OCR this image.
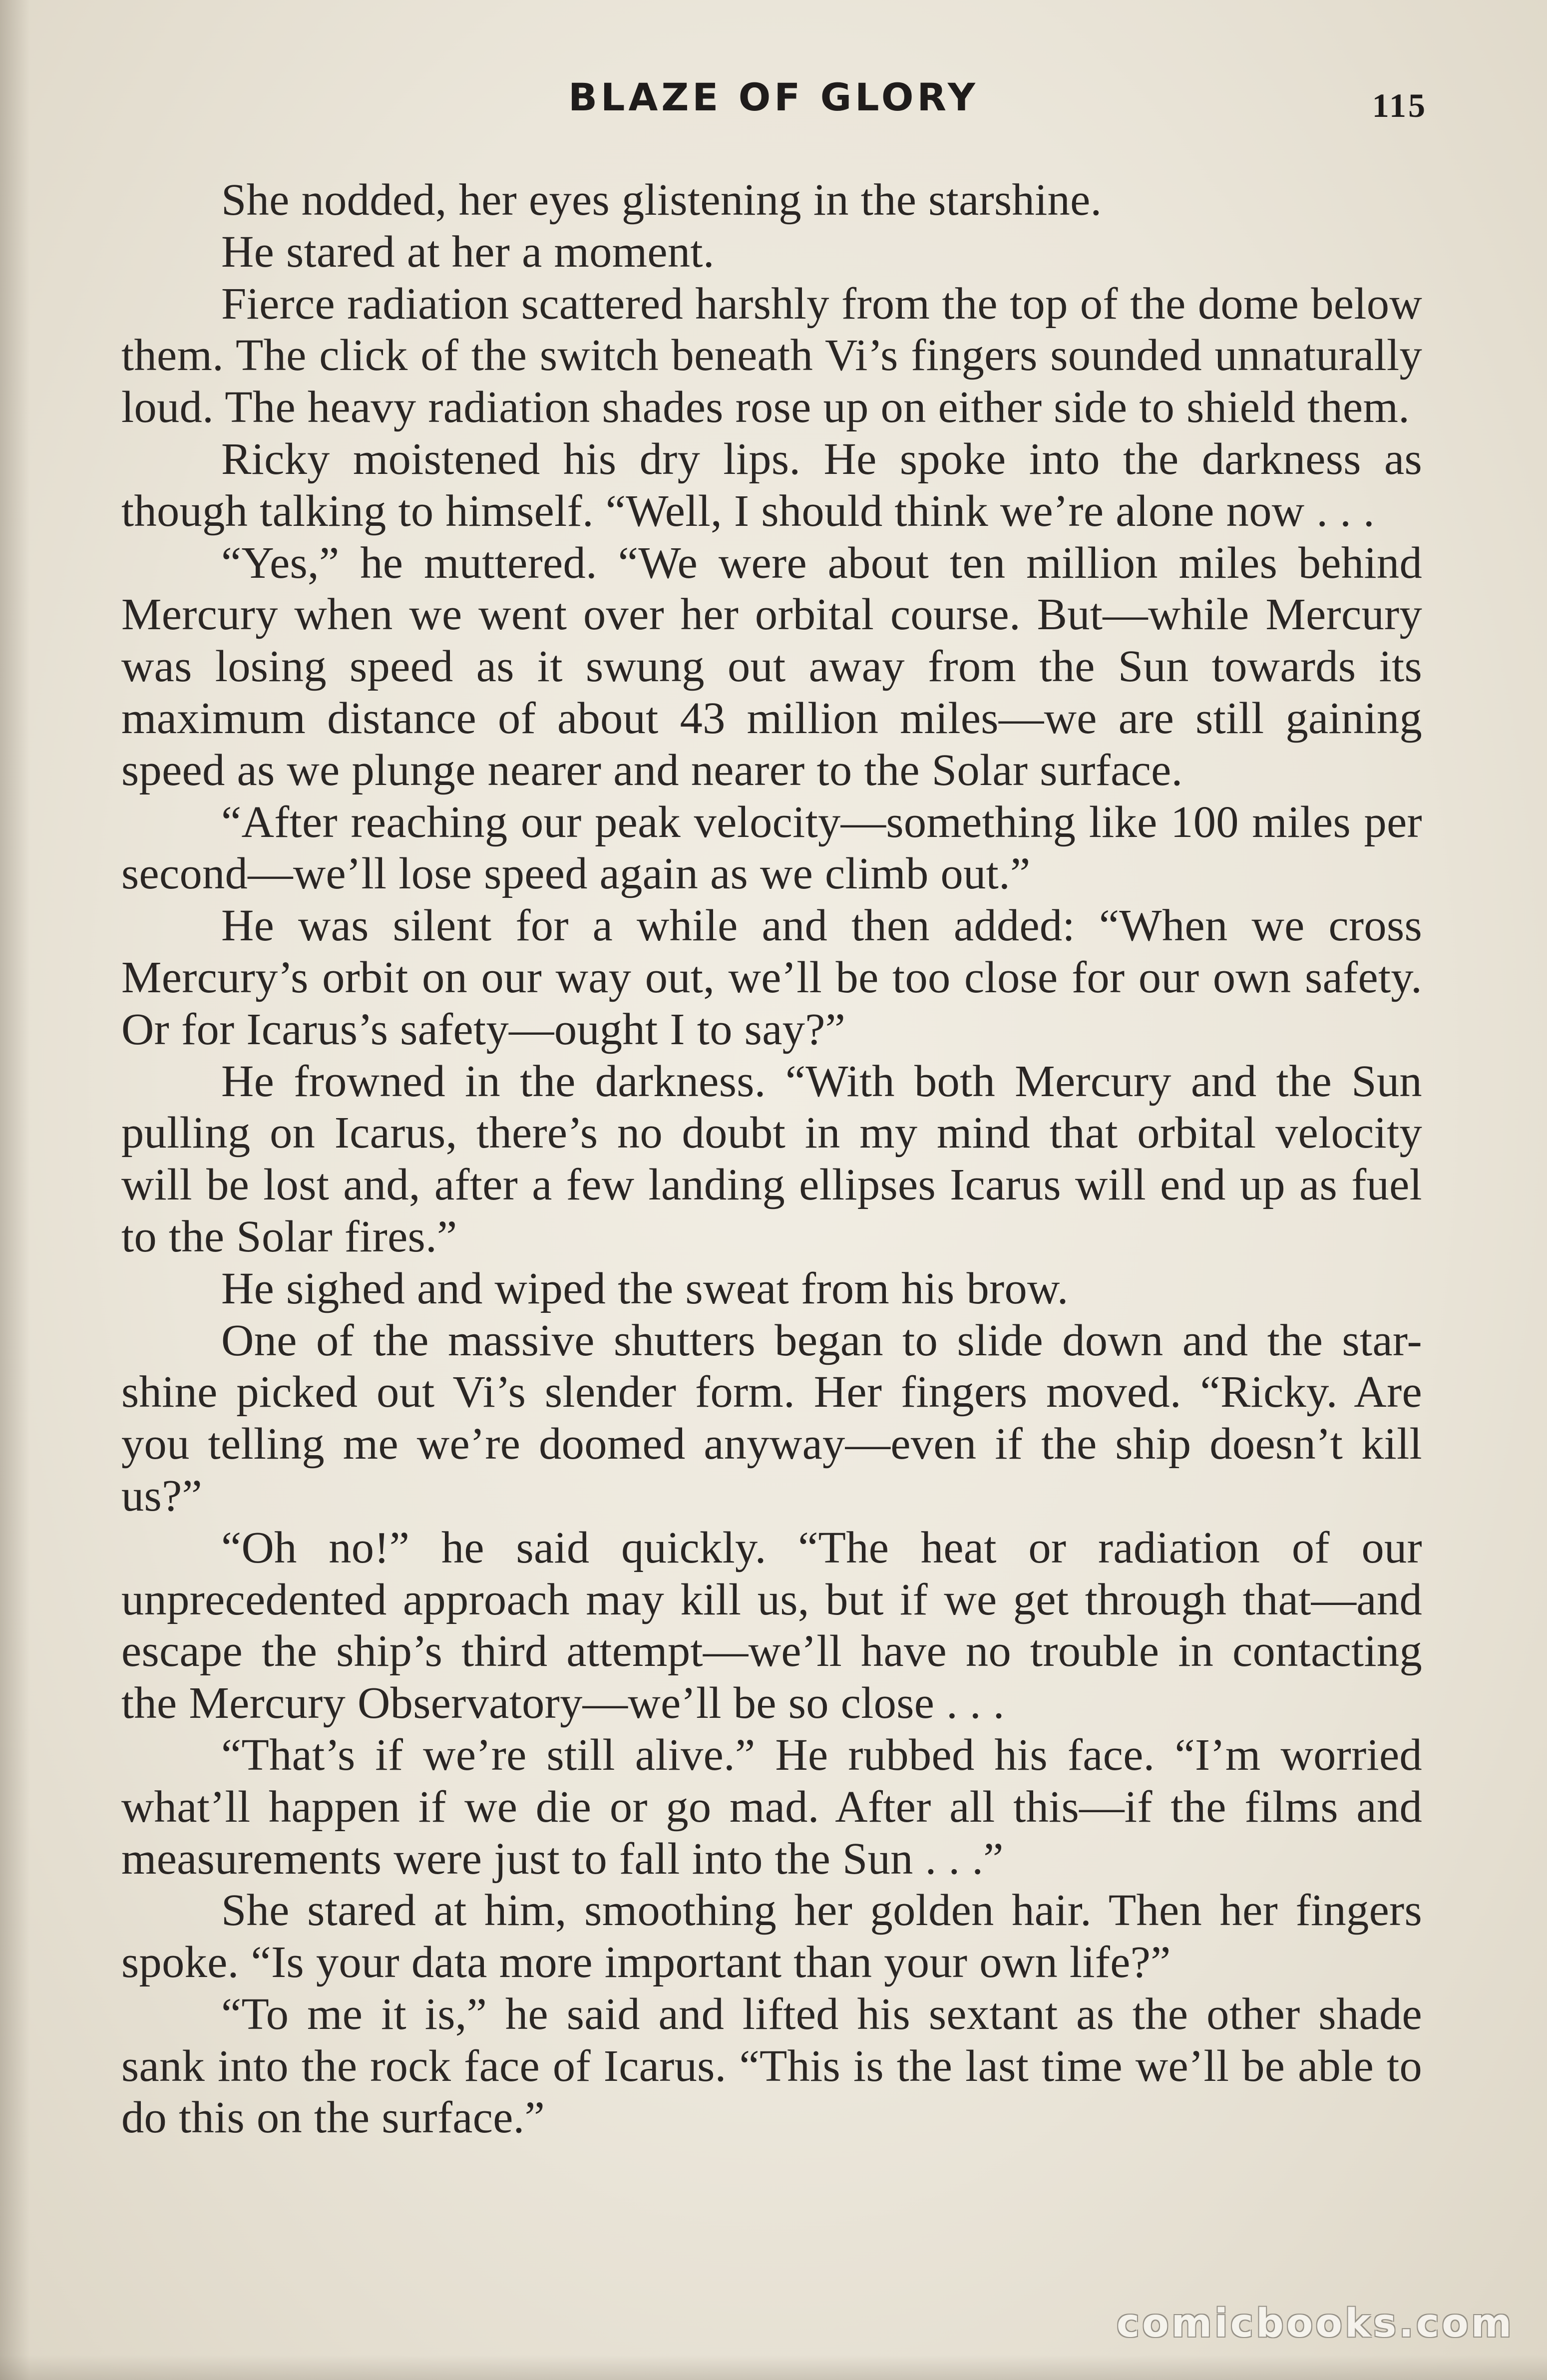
BLAZE OF GLORY	115

She nodded, her eyes glistening in the starshine.

He stared at her a moment.

Fierce radiation scattered harshly from the top of the dome below them. The click of the switch beneath Vi’s fingers sounded unnaturally loud. The heavy radiation shades rose up on either side to shield them.

Ricky moistened his dry lips. He spoke into the darkness as though talking to himself. “Well, I should think we’re alone now . . .

“Yes,” he muttered. “We were about ten million miles behind Mercury when we went over her orbital course. But—while Mercury was losing speed as it swung out away from the Sun towards its maximum distance of about 43 million miles—we are still gaining speed as we plunge nearer and nearer to the Solar surface.

“After reaching our peak velocity—something like 100 miles per second—we’ll lose speed again as we climb out.”

He was silent for a while and then added: “When we cross Mercury’s orbit on our way out, we’ll be too close for our own safety. Or for Icarus’s safety—ought I to say?”

He frowned in the darkness. “With both Mercury and the Sun pulling on Icarus, there’s no doubt in my mind that orbital velocity will be lost and, after a few landing ellipses Icarus will end up as fuel to the Solar fires.”

He sighed and wiped the sweat from his brow.

One of the massive shutters began to slide down and the star-shine picked out Vi’s slender form. Her fingers moved. “Ricky. Are you telling me we’re doomed anyway—even if the ship doesn’t kill us?”

“Oh no!” he said quickly. “The heat or radiation of our unprecedented approach may kill us, but if we get through that—and escape the ship’s third attempt—we’ll have no trouble in contacting the Mercury Observatory—we’ll be so close . . .

“That’s if we’re still alive.” He rubbed his face. “I’m worried what’ll happen if we die or go mad. After all this—if the films and measurements were just to fall into the Sun . . .”

She stared at him, smoothing her golden hair. Then her fingers spoke. “Is your data more important than your own life?”

“To me it is,” he said and lifted his sextant as the other shade sank into the rock face of Icarus. “This is the last time we’ll be able to do this on the surface.”

comicbooks.com
